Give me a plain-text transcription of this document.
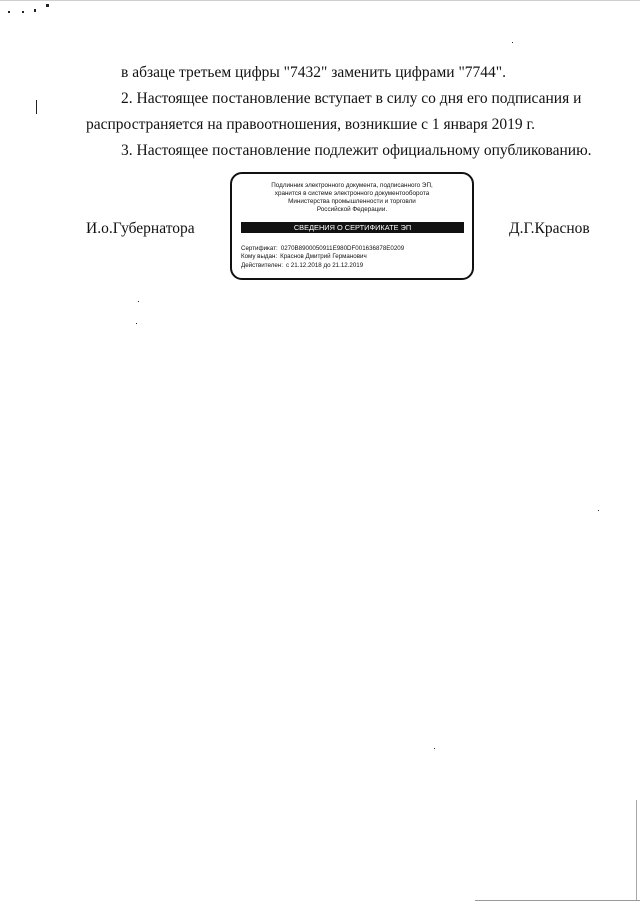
в абзаце третьем цифры "7432" заменить цифрами "7744".
2. Настоящее постановление вступает в силу со дня его подписания и
распространяется на правоотношения, возникшие с 1 января 2019 г.
3. Настоящее постановление подлежит официальному опубликованию.
И.о.Губернатора	Д.Г.Краснов
Подлинник электронного документа, подписанного ЭП,
хранится в системе электронного документооборота
Министерства промышленности и торговли
Российской Федерации.
СВЕДЕНИЯ О СЕРТИФИКАТЕ ЭП
Сертификат: 0270B8900050911E980DF001636878E0209
Кому выдан: Краснов Дмитрий Германович
Действителен: с 21.12.2018 до 21.12.2019
